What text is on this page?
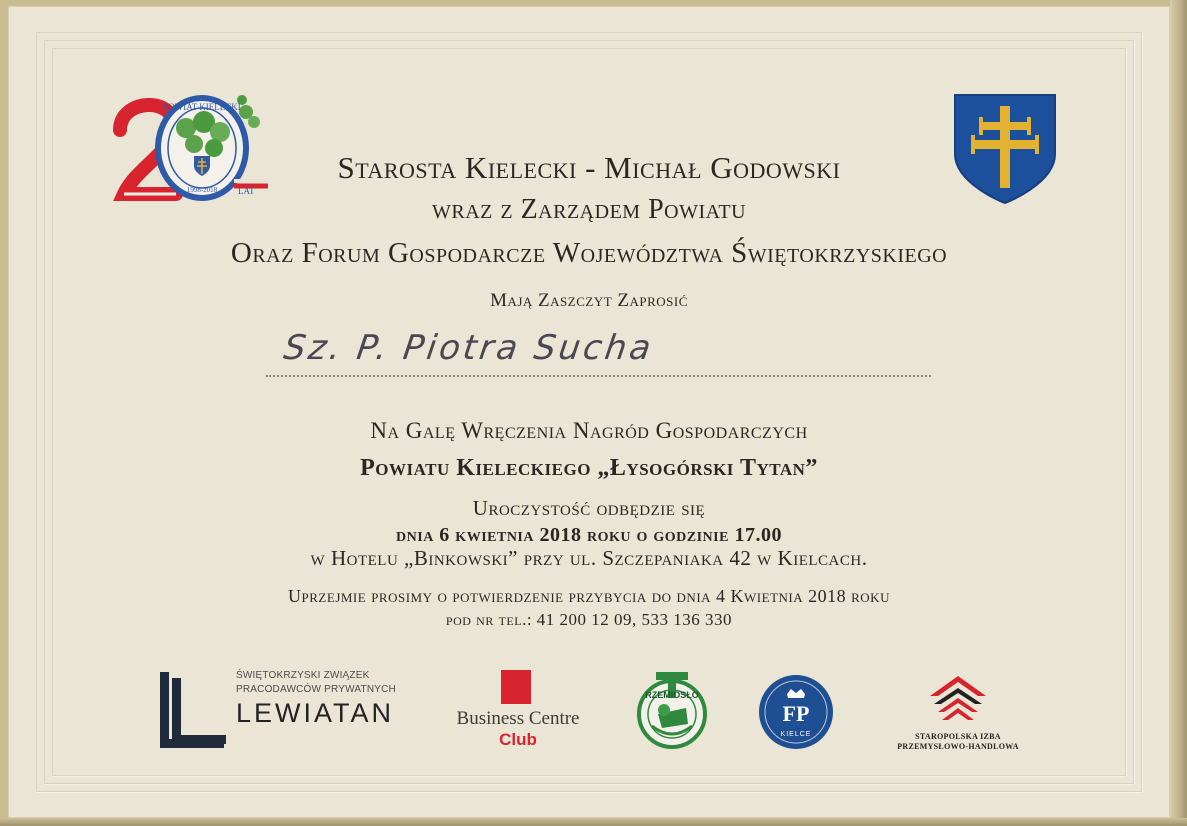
POWIAT KIELECKI
1998-2018 LAT
Starosta Kielecki - Michał Godowski
wraz z Zarządem Powiatu
Oraz Forum Gospodarcze Województwa Świętokrzyskiego
Mają Zaszczyt Zaprosić
Sz. P. Piotra Sucha
Na Galę Wręczenia Nagród Gospodarczych
Powiatu Kieleckiego „Łysogórski Tytan”
Uroczystość odbędzie się
dnia 6 kwietnia 2018 roku o godzinie 17.00
w Hotelu „Binkowski” przy ul. Szczepaniaka 42 w Kielcach.
Uprzejmie prosimy o potwierdzenie przybycia do dnia 4 Kwietnia 2018 roku
pod nr tel.: 41 200 12 09, 533 136 330
ŚWIĘTOKRZYSKI ZWIĄZEK
PRACODAWCÓW PRYWATNYCH
LEWIATAN	Business Centre
Club
RZEMIOSŁO
FP
KIELCE	STAROPOLSKA IZBA
PRZEMYSŁOWO-HANDLOWA
